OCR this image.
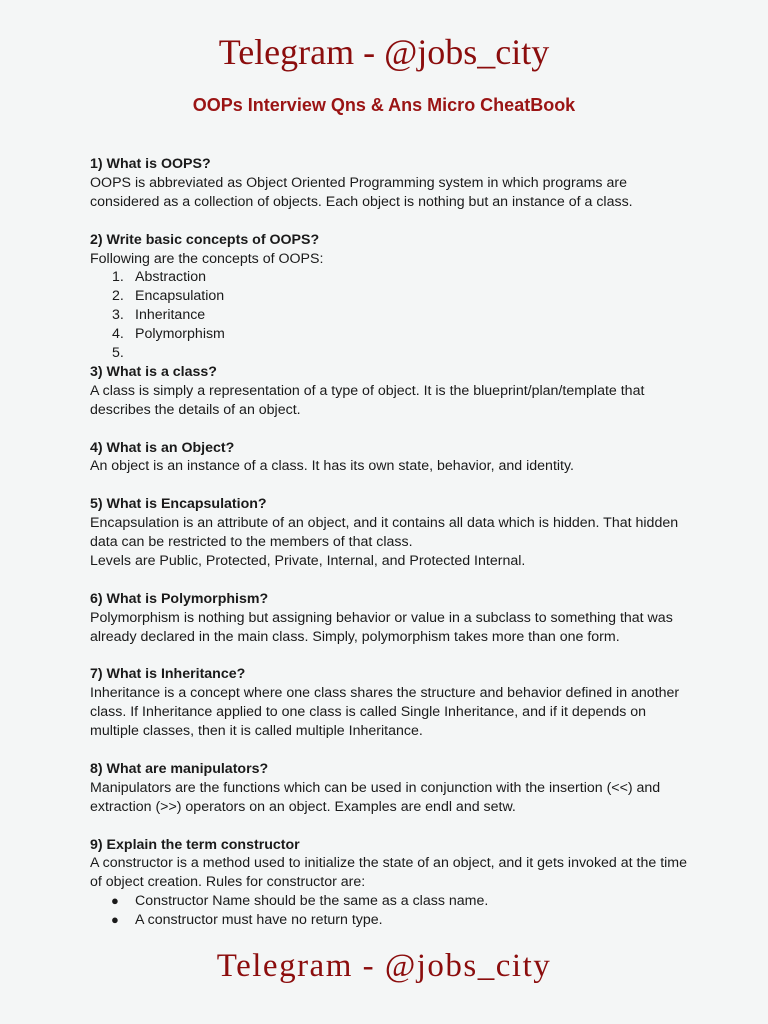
Telegram - @jobs_city
OOPs Interview Qns & Ans Micro CheatBook
1) What is OOPS?
OOPS is abbreviated as Object Oriented Programming system in which programs are considered as a collection of objects. Each object is nothing but an instance of a class.
2) Write basic concepts of OOPS?
Following are the concepts of OOPS:
1. Abstraction
2. Encapsulation
3. Inheritance
4. Polymorphism
5.

3) What is a class?
A class is simply a representation of a type of object. It is the blueprint/plan/template that describes the details of an object.
4) What is an Object?
An object is an instance of a class. It has its own state, behavior, and identity.
5) What is Encapsulation?
Encapsulation is an attribute of an object, and it contains all data which is hidden. That hidden data can be restricted to the members of that class.
Levels are Public, Protected, Private, Internal, and Protected Internal.
6) What is Polymorphism?
Polymorphism is nothing but assigning behavior or value in a subclass to something that was already declared in the main class. Simply, polymorphism takes more than one form.
7) What is Inheritance?
Inheritance is a concept where one class shares the structure and behavior defined in another class. If Inheritance applied to one class is called Single Inheritance, and if it depends on multiple classes, then it is called multiple Inheritance.
8) What are manipulators?
Manipulators are the functions which can be used in conjunction with the insertion (<<) and extraction (>>) operators on an object. Examples are endl and setw.
9) Explain the term constructor
A constructor is a method used to initialize the state of an object, and it gets invoked at the time of object creation. Rules for constructor are:
● Constructor Name should be the same as a class name.
● A constructor must have no return type.
Telegram - @jobs_city
